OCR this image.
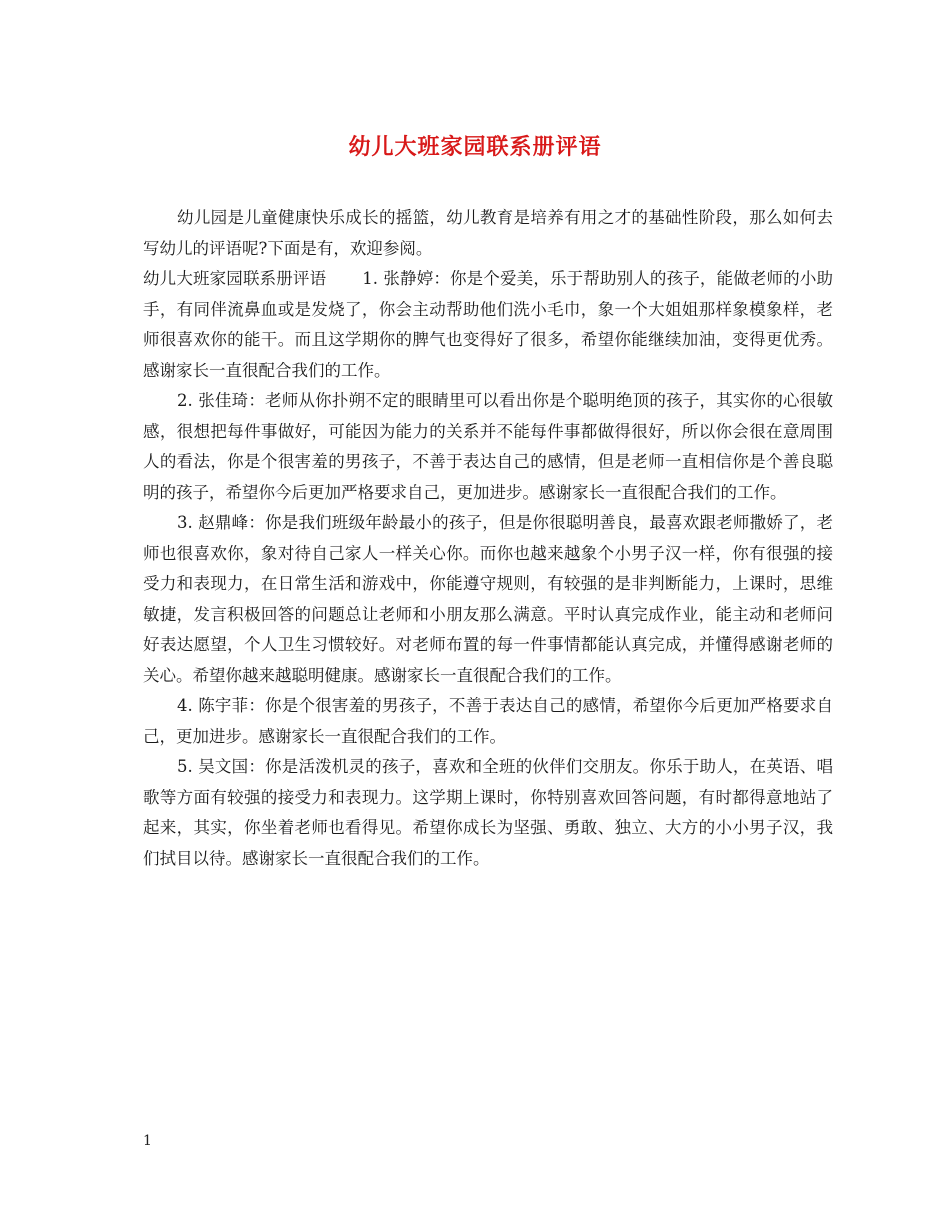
幼儿大班家园联系册评语

幼儿园是儿童健康快乐成长的摇篮，幼儿教育是培养有用之才的基础性阶段，那么如何去写幼儿的评语呢?下面是有，欢迎参阅。

幼儿大班家园联系册评语 1. 张静婷：你是个爱美，乐于帮助别人的孩子，能做老师的小助手，有同伴流鼻血或是发烧了，你会主动帮助他们洗小毛巾，象一个大姐姐那样象模象样，老师很喜欢你的能干。而且这学期你的脾气也变得好了很多，希望你能继续加油，变得更优秀。感谢家长一直很配合我们的工作。

2. 张佳琦：老师从你扑朔不定的眼睛里可以看出你是个聪明绝顶的孩子，其实你的心很敏感，很想把每件事做好，可能因为能力的关系并不能每件事都做得很好，所以你会很在意周围人的看法，你是个很害羞的男孩子，不善于表达自己的感情，但是老师一直相信你是个善良聪明的孩子，希望你今后更加严格要求自己，更加进步。感谢家长一直很配合我们的工作。

3. 赵鼎峰：你是我们班级年龄最小的孩子，但是你很聪明善良，最喜欢跟老师撒娇了，老师也很喜欢你，象对待自己家人一样关心你。而你也越来越象个小男子汉一样，你有很强的接受力和表现力，在日常生活和游戏中，你能遵守规则，有较强的是非判断能力，上课时，思维敏捷，发言积极回答的问题总让老师和小朋友那么满意。平时认真完成作业，能主动和老师问好表达愿望，个人卫生习惯较好。对老师布置的每一件事情都能认真完成，并懂得感谢老师的关心。希望你越来越聪明健康。感谢家长一直很配合我们的工作。

4. 陈宇菲：你是个很害羞的男孩子，不善于表达自己的感情，希望你今后更加严格要求自己，更加进步。感谢家长一直很配合我们的工作。

5. 吴文国：你是活泼机灵的孩子，喜欢和全班的伙伴们交朋友。你乐于助人，在英语、唱歌等方面有较强的接受力和表现力。这学期上课时，你特别喜欢回答问题，有时都得意地站了起来，其实，你坐着老师也看得见。希望你成长为坚强、勇敢、独立、大方的小小男子汉，我们拭目以待。感谢家长一直很配合我们的工作。

1
